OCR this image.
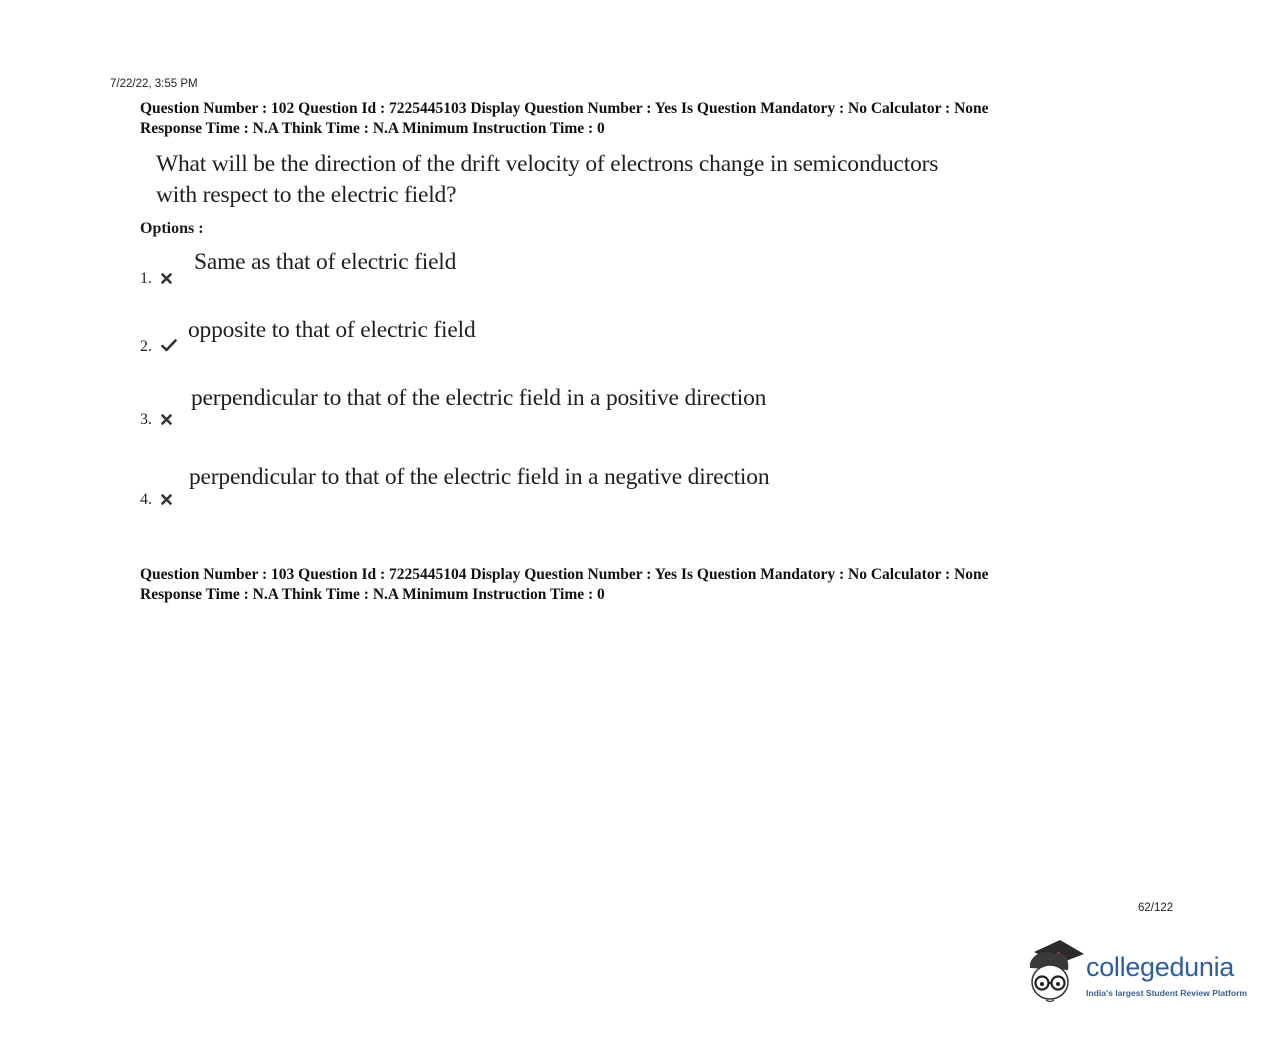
7/22/22, 3:55 PM
Question Number : 102 Question Id : 7225445103 Display Question Number : Yes Is Question Mandatory : No Calculator : None
Response Time : N.A Think Time : N.A Minimum Instruction Time : 0
What will be the direction of the drift velocity of electrons change in semiconductors
with respect to the electric field?
Options :
1.
Same as that of electric field
2.
opposite to that of electric field
3.
perpendicular to that of the electric field in a positive direction
4.
perpendicular to that of the electric field in a negative direction
Question Number : 103 Question Id : 7225445104 Display Question Number : Yes Is Question Mandatory : No Calculator : None
Response Time : N.A Think Time : N.A Minimum Instruction Time : 0
62/122
collegedunia
India's largest Student Review Platform
